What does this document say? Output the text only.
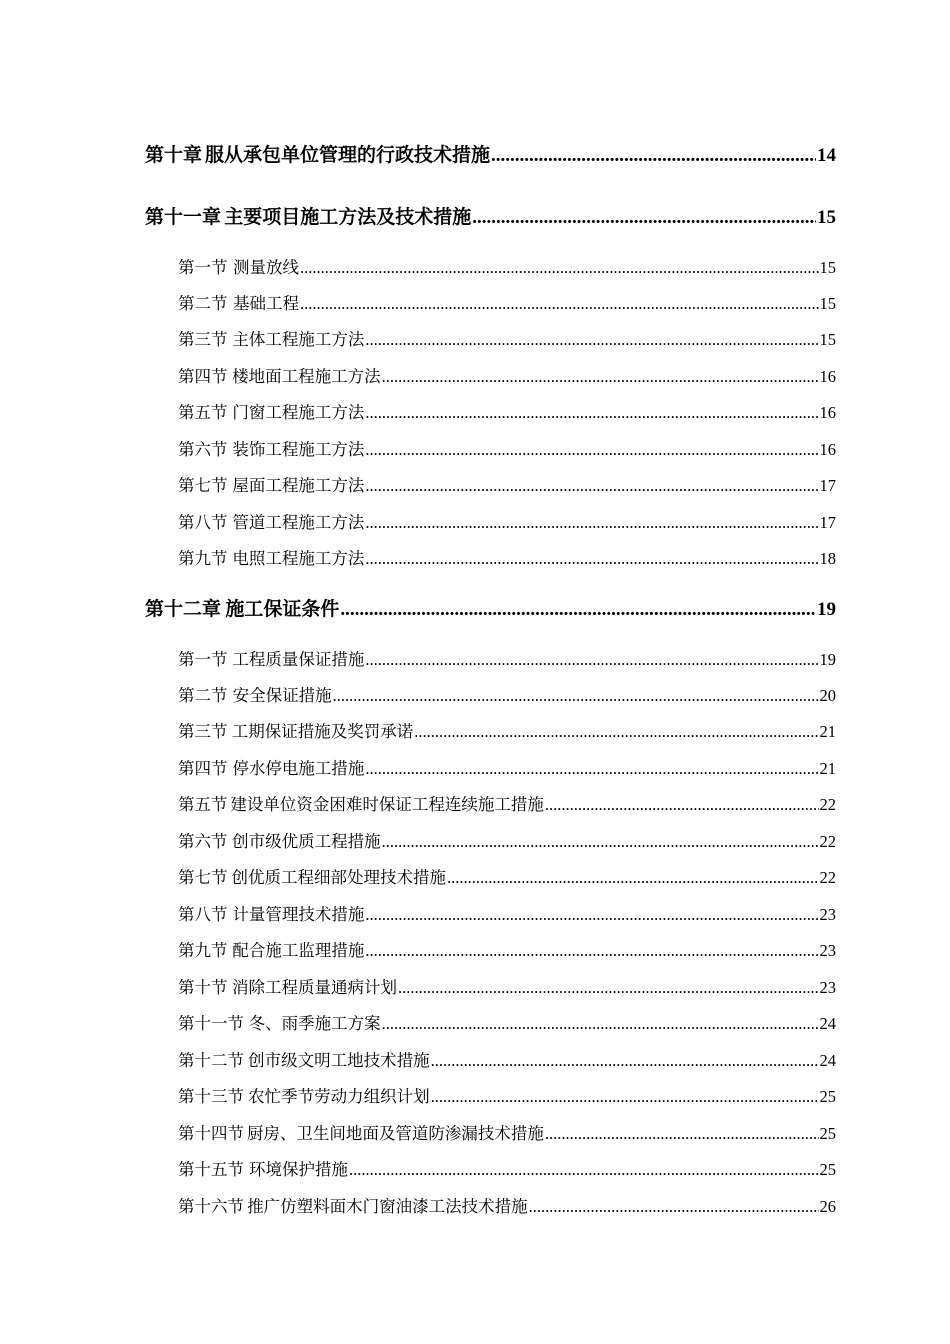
第十章 服从承包单位管理的行政技术措施 .....	14
第十一章 主要项目施工方法及技术措施 .....	15
第一节 测量放线 .....	15
第二节 基础工程 .....	15
第三节 主体工程施工方法 .....	15
第四节 楼地面工程施工方法 .....	16
第五节 门窗工程施工方法 .....	16
第六节 装饰工程施工方法 .....	16
第七节 屋面工程施工方法 .....	17
第八节 管道工程施工方法 .....	17
第九节 电照工程施工方法 .....	18
第十二章 施工保证条件 .....	19
第一节 工程质量保证措施 .....	19
第二节 安全保证措施 .....	20
第三节 工期保证措施及奖罚承诺 .....	21
第四节 停水停电施工措施 .....	21
第五节 建设单位资金困难时保证工程连续施工措施 .....	22
第六节 创市级优质工程措施 .....	22
第七节 创优质工程细部处理技术措施 .....	22
第八节 计量管理技术措施 .....	23
第九节 配合施工监理措施 .....	23
第十节 消除工程质量通病计划 .....	23
第十一节 冬、雨季施工方案 .....	24
第十二节 创市级文明工地技术措施 .....	24
第十三节 农忙季节劳动力组织计划 .....	25
第十四节 厨房、卫生间地面及管道防渗漏技术措施 .....	25
第十五节 环境保护措施 .....	25
第十六节 推广仿塑料面木门窗油漆工法技术措施 .....	26
